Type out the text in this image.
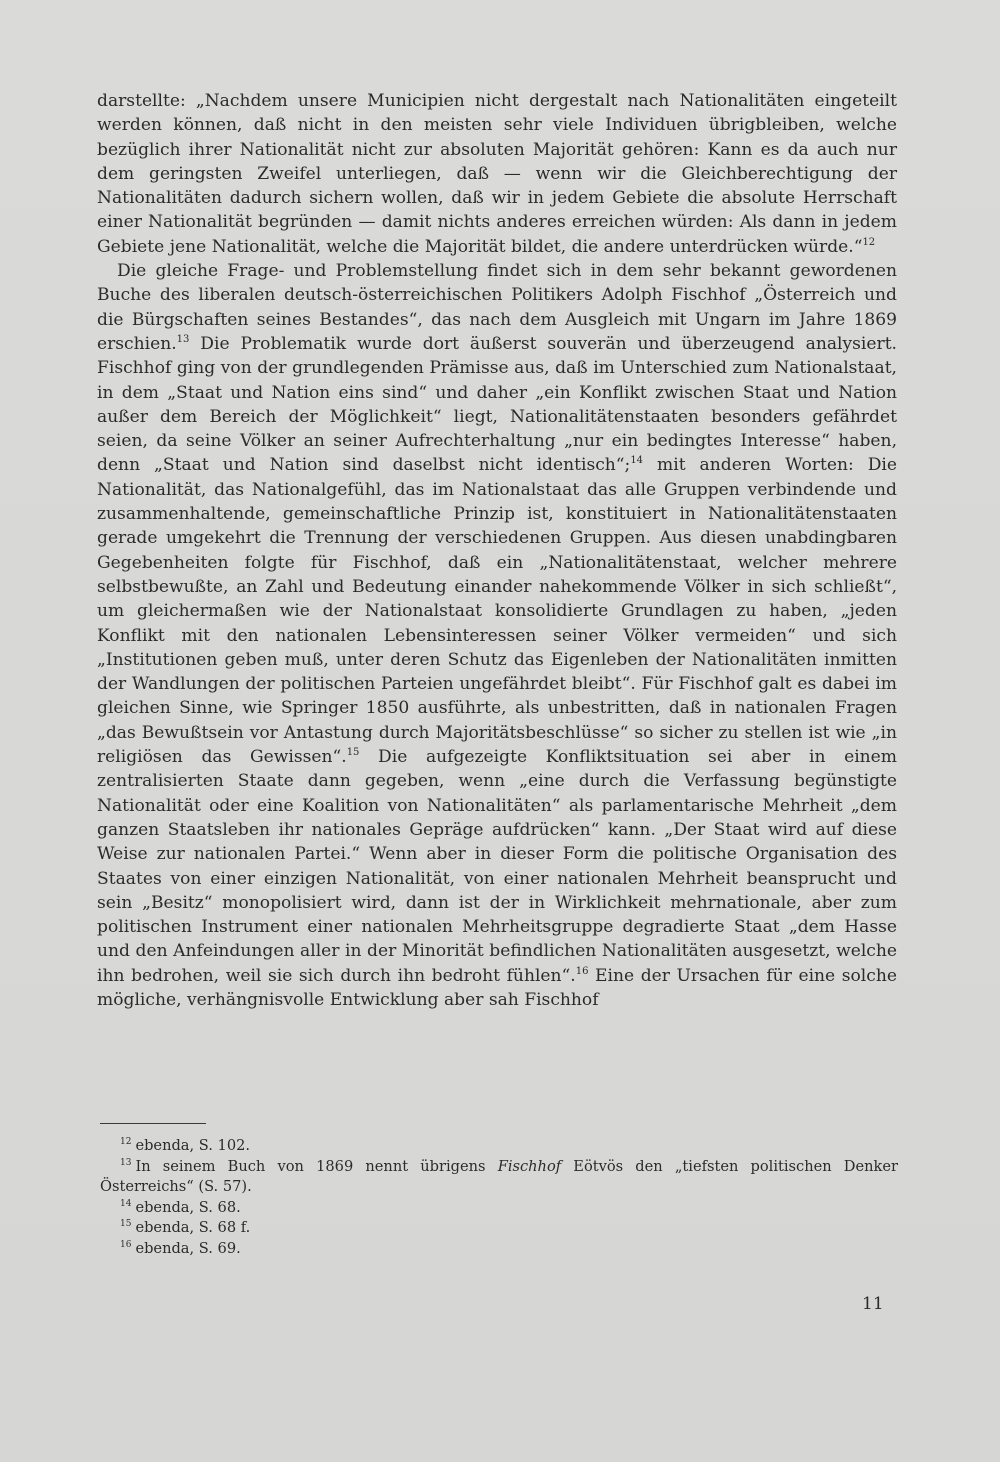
darstellte: „Nachdem unsere Municipien nicht dergestalt nach Nationalitäten eingeteilt werden können, daß nicht in den meisten sehr viele Individuen übrigbleiben, welche bezüglich ihrer Nationalität nicht zur absoluten Majorität gehören: Kann es da auch nur dem geringsten Zweifel unterliegen, daß — wenn wir die Gleichberechtigung der Nationalitäten dadurch sichern wollen, daß wir in jedem Gebiete die absolute Herrschaft einer Nationalität begründen — damit nichts anderes erreichen würden: Als dann in jedem Gebiete jene Nationalität, welche die Majorität bildet, die andere unterdrücken würde.“$^{12}$

Die gleiche Frage- und Problemstellung findet sich in dem sehr bekannt gewordenen Buche des liberalen deutsch-österreichischen Politikers Adolph Fischhof „Österreich und die Bürgschaften seines Bestandes“, das nach dem Ausgleich mit Ungarn im Jahre 1869 erschien.$^{13}$ Die Problematik wurde dort äußerst souverän und überzeugend analysiert. Fischhof ging von der grundlegenden Prämisse aus, daß im Unterschied zum Nationalstaat, in dem „Staat und Nation eins sind“ und daher „ein Konflikt zwischen Staat und Nation außer dem Bereich der Möglichkeit“ liegt, Nationalitätenstaaten besonders gefährdet seien, da seine Völker an seiner Aufrechterhaltung „nur ein bedingtes Interesse“ haben, denn „Staat und Nation sind daselbst nicht identisch“;$^{14}$ mit anderen Worten: Die Nationalität, das Nationalgefühl, das im Nationalstaat das alle Gruppen verbindende und zusammenhaltende, gemeinschaftliche Prinzip ist, konstituiert in Nationalitätenstaaten gerade umgekehrt die Trennung der verschiedenen Gruppen. Aus diesen unabdingbaren Gegebenheiten folgte für Fischhof, daß ein „Nationalitätenstaat, welcher mehrere selbstbewußte, an Zahl und Bedeutung einander nahekommende Völker in sich schließt“, um gleichermaßen wie der Nationalstaat konsolidierte Grundlagen zu haben, „jeden Konflikt mit den nationalen Lebensinteressen seiner Völker vermeiden“ und sich „Institutionen geben muß, unter deren Schutz das Eigenleben der Nationalitäten inmitten der Wandlungen der politischen Parteien ungefährdet bleibt“. Für Fischhof galt es dabei im gleichen Sinne, wie Springer 1850 ausführte, als unbestritten, daß in nationalen Fragen „das Bewußtsein vor Antastung durch Majoritätsbeschlüsse“ so sicher zu stellen ist wie „in religiösen das Gewissen“.$^{15}$ Die aufgezeigte Konfliktsituation sei aber in einem zentralisierten Staate dann gegeben, wenn „eine durch die Verfassung begünstigte Nationalität oder eine Koalition von Nationalitäten“ als parlamentarische Mehrheit „dem ganzen Staatsleben ihr nationales Gepräge aufdrücken“ kann. „Der Staat wird auf diese Weise zur nationalen Partei.“ Wenn aber in dieser Form die politische Organisation des Staates von einer einzigen Nationalität, von einer nationalen Mehrheit beansprucht und sein „Besitz“ monopolisiert wird, dann ist der in Wirklichkeit mehrnationale, aber zum politischen Instrument einer nationalen Mehrheitsgruppe degradierte Staat „dem Hasse und den Anfeindungen aller in der Minorität befindlichen Nationalitäten ausgesetzt, welche ihn bedrohen, weil sie sich durch ihn bedroht fühlen“.$^{16}$ Eine der Ursachen für eine solche mögliche, verhängnisvolle Entwicklung aber sah Fischhof

$^{12}$ ebenda, S. 102.
$^{13}$ In seinem Buch von 1869 nennt übrigens Fischhof Eötvös den „tiefsten politischen Denker Österreichs“ (S. 57).
$^{14}$ ebenda, S. 68.
$^{15}$ ebenda, S. 68 f.
$^{16}$ ebenda, S. 69.
11
